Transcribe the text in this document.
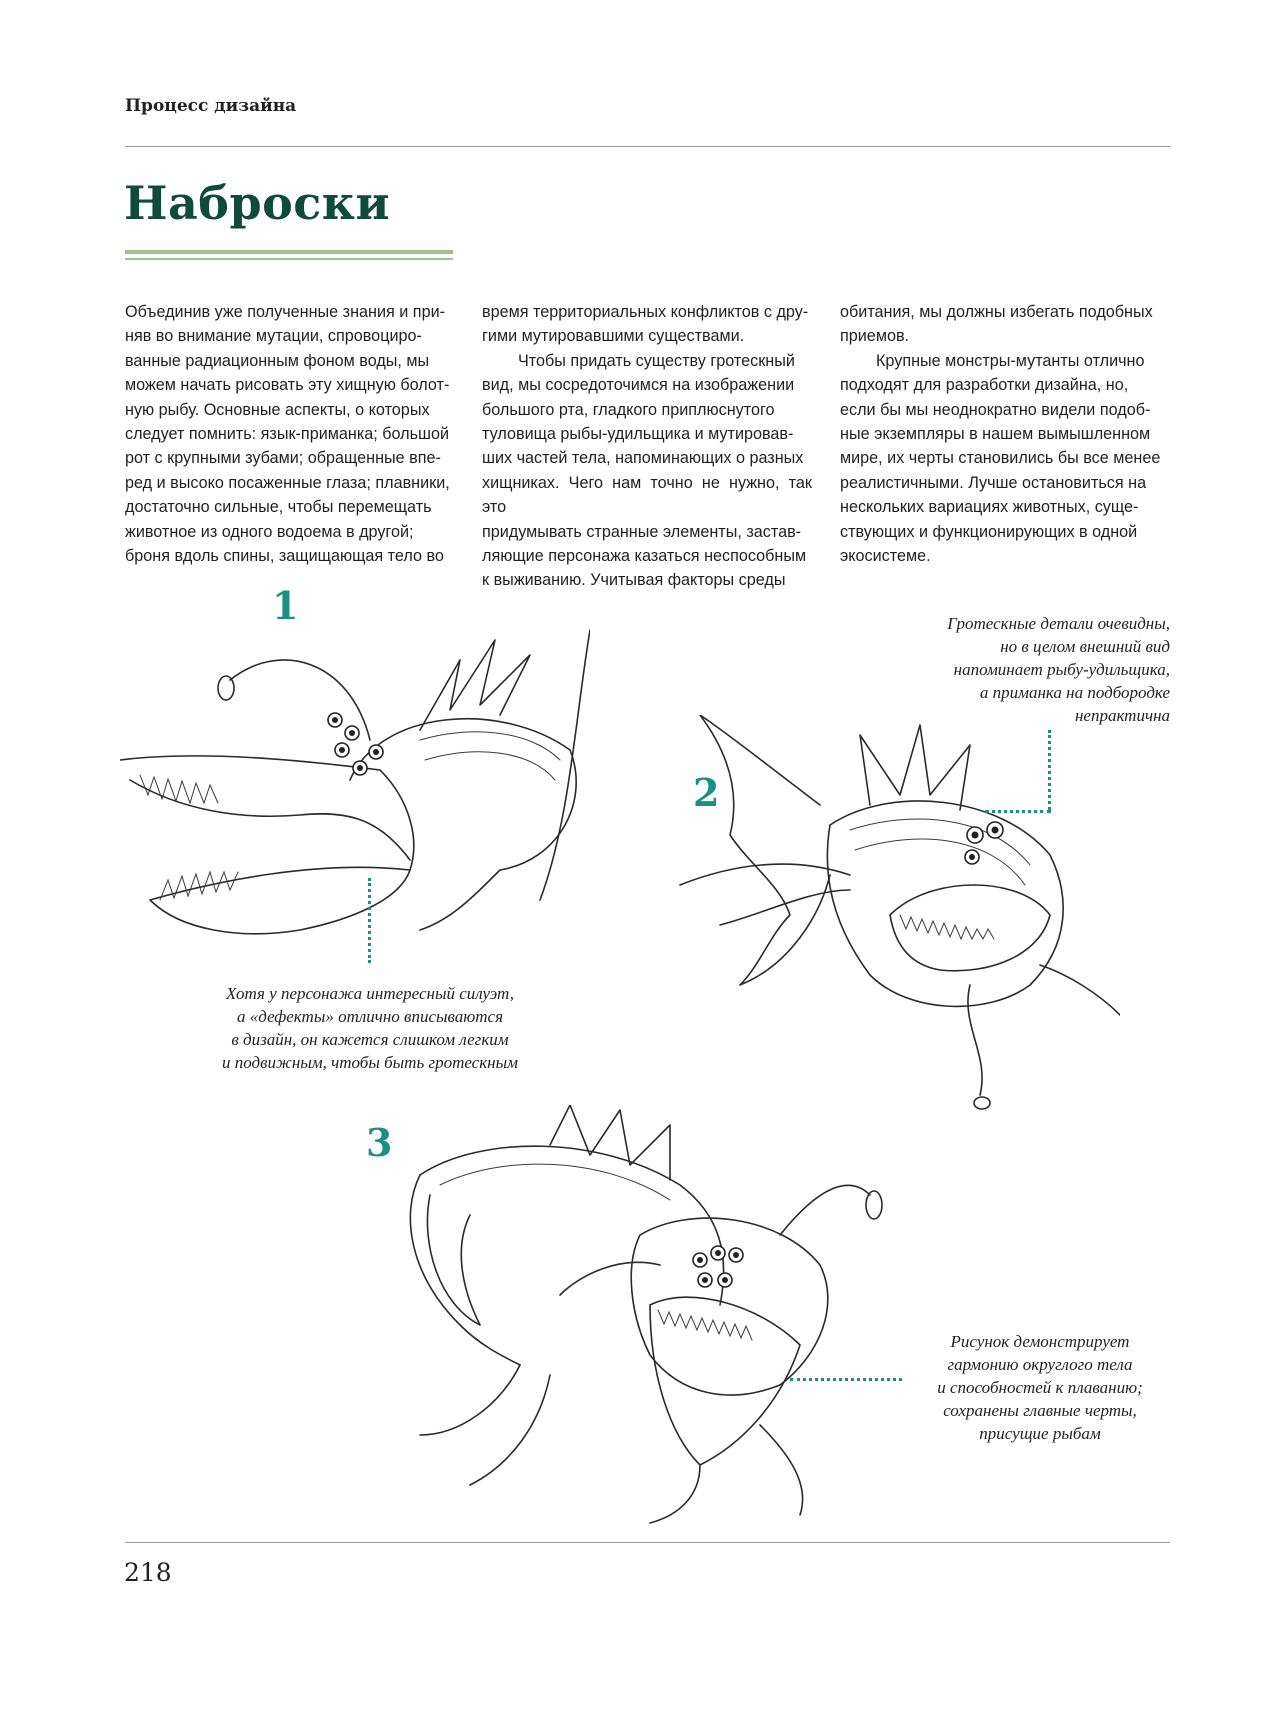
Процесс дизайна
Наброски

Объединив уже полученные знания и при-

няв во внимание мутации, спровоциро-

ванные радиационным фоном воды, мы

можем начать рисовать эту хищную болот-

ную рыбу. Основные аспекты, о которых

следует помнить: язык-приманка; большой

рот с крупными зубами; обращенные впе-

ред и высоко посаженные глаза; плавники,

достаточно сильные, чтобы перемещать

животное из одного водоема в другой;

броня вдоль спины, защищающая тело во

время территориальных конфликтов с дру-

гими мутировавшими существами.

Чтобы придать существу гротескный

вид, мы сосредоточимся на изображении

большого рта, гладкого приплюснутого

туловища рыбы-удильщика и мутировав-

ших частей тела, напоминающих о разных

хищниках. Чего нам точно не нужно, так это

придумывать странные элементы, застав-

ляющие персонажа казаться неспособным

к выживанию. Учитывая факторы среды

обитания, мы должны избегать подобных

приемов.

Крупные монстры-мутанты отлично

подходят для разработки дизайна, но,

если бы мы неоднократно видели подоб-

ные экземпляры в нашем вымышленном

мире, их черты становились бы все менее

реалистичными. Лучше остановиться на

нескольких вариациях животных, суще-

ствующих и функционирующих в одной

экосистеме.

1
Хотя у персонажа интересный силуэт,
а «дефекты» отлично вписываются
в дизайн, он кажется слишком легким
и подвижным, чтобы быть гротескным
2
Гротескные детали очевидны,
но в целом внешний вид
напоминает рыбу-удильщика,
а приманка на подбородке
непрактична
3
Рисунок демонстрирует
гармонию округлого тела
и способностей к плаванию;
сохранены главные черты,
присущие рыбам
218
